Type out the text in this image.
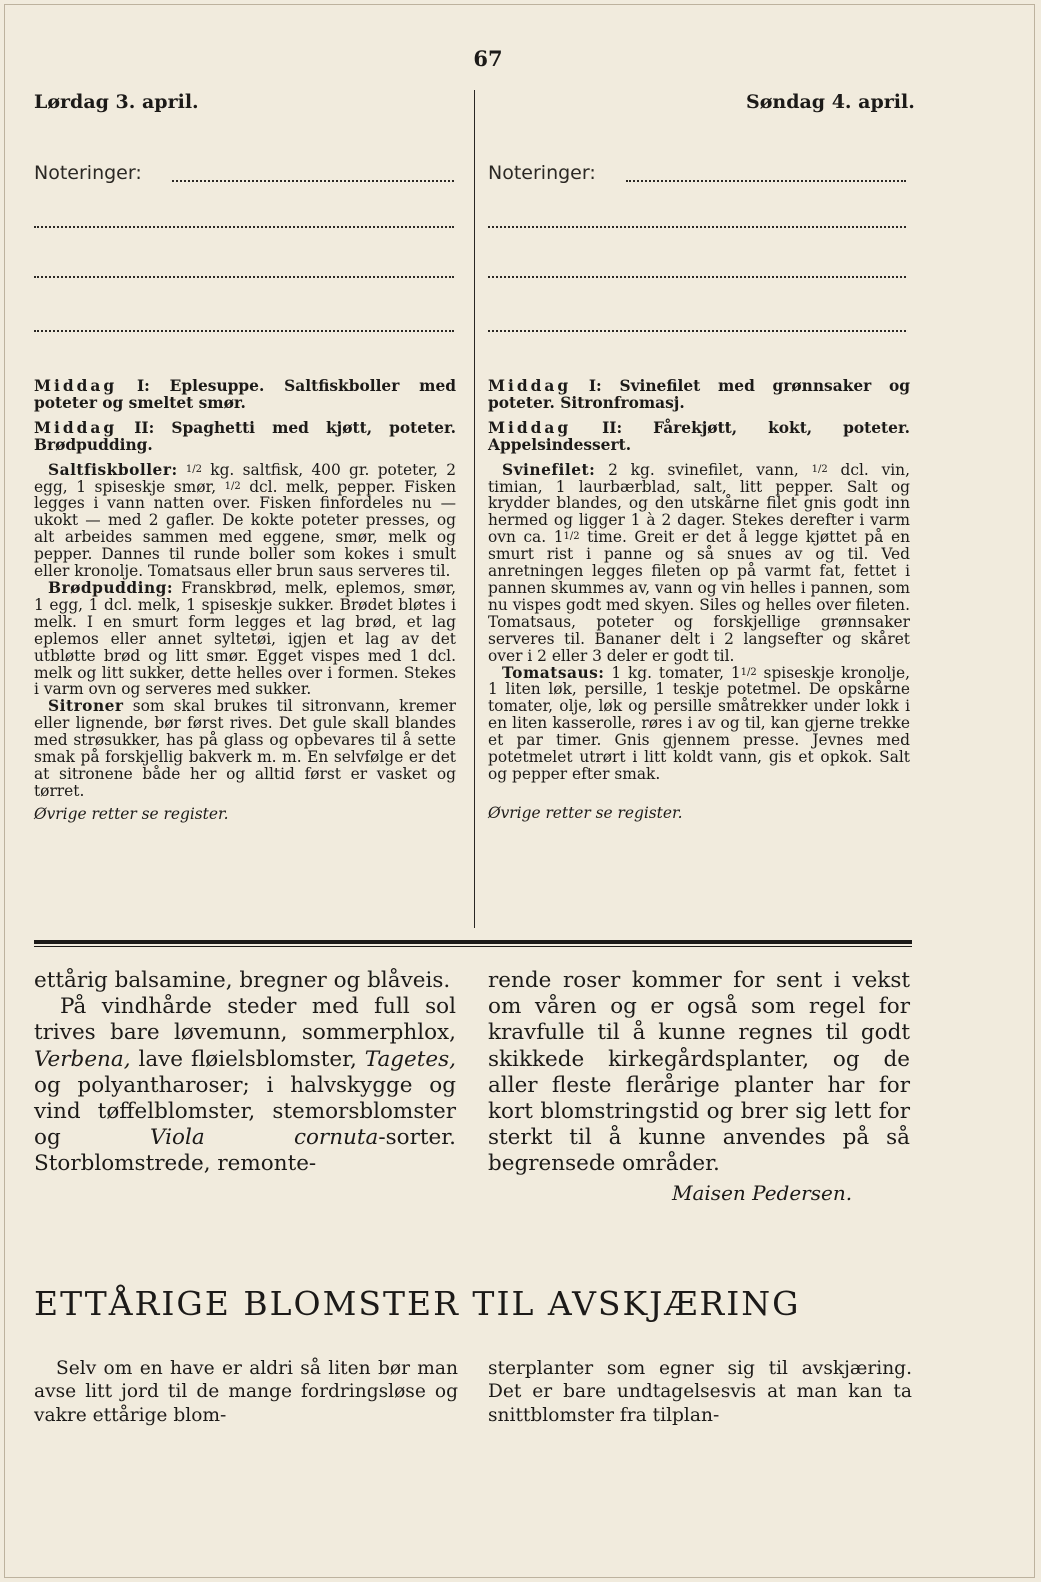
67
Lørdag 3. april.	Søndag 4. april.
Noteringer:	Noteringer:

Middag I: Eplesuppe. Saltfiskboller med poteter og smeltet smør.

Middag II: Spaghetti med kjøtt, poteter. Brødpudding.

Saltfiskboller: 1/2 kg. saltfisk, 400 gr. poteter, 2 egg, 1 spiseskje smør, 1/2 dcl. melk, pepper. Fisken legges i vann natten over. Fisken finfordeles nu — ukokt — med 2 gafler. De kokte poteter presses, og alt arbeides sammen med eggene, smør, melk og pepper. Dannes til runde boller som kokes i smult eller kronolje. Tomatsaus eller brun saus serveres til.

Brødpudding: Franskbrød, melk, eplemos, smør, 1 egg, 1 dcl. melk, 1 spiseskje sukker. Brødet bløtes i melk. I en smurt form legges et lag brød, et lag eplemos eller annet syltetøi, igjen et lag av det utbløtte brød og litt smør. Egget vispes med 1 dcl. melk og litt sukker, dette helles over i formen. Stekes i varm ovn og serveres med sukker.

Sitroner som skal brukes til sitronvann, kremer eller lignende, bør først rives. Det gule skall blandes med strøsukker, has på glass og opbevares til å sette smak på forskjellig bakverk m. m. En selvfølge er det at sitronene både her og alltid først er vasket og tørret.

Øvrige retter se register.

Middag I: Svinefilet med grønnsaker og poteter. Sitronfromasj.

Middag II: Fårekjøtt, kokt, poteter. Appelsindessert.

Svinefilet: 2 kg. svinefilet, vann, 1/2 dcl. vin, timian, 1 laurbærblad, salt, litt pepper. Salt og krydder blandes, og den utskårne filet gnis godt inn hermed og ligger 1 à 2 dager. Stekes derefter i varm ovn ca. 11/2 time. Greit er det å legge kjøttet på en smurt rist i panne og så snues av og til. Ved anretningen legges fileten op på varmt fat, fettet i pannen skummes av, vann og vin helles i pannen, som nu vispes godt med skyen. Siles og helles over fileten. Tomatsaus, poteter og forskjellige grønnsaker serveres til. Bananer delt i 2 langsefter og skåret over i 2 eller 3 deler er godt til.

Tomatsaus: 1 kg. tomater, 11/2 spiseskje kronolje, 1 liten løk, persille, 1 teskje potetmel. De opskårne tomater, olje, løk og persille småtrekker under lokk i en liten kasserolle, røres i av og til, kan gjerne trekke et par timer. Gnis gjennem presse. Jevnes med potetmelet utrørt i litt koldt vann, gis et opkok. Salt og pepper efter smak.

Øvrige retter se register.

ettårig balsamine, bregner og blåveis.

På vindhårde steder med full sol trives bare løvemunn, sommerphlox, Verbena, lave fløielsblomster, Tagetes, og polyantharoser; i halvskygge og vind tøffelblomster, stemorsblomster og Viola cornuta-sorter. Storblomstrede, remonte-

rende roser kommer for sent i vekst om våren og er også som regel for kravfulle til å kunne regnes til godt skikkede kirkegårdsplanter, og de aller fleste flerårige planter har for kort blomstringstid og brer sig lett for sterkt til å kunne anvendes på så begrensede områder.

Maisen Pedersen.
ETTÅRIGE BLOMSTER TIL AVSKJÆRING

Selv om en have er aldri så liten bør man avse litt jord til de mange fordringsløse og vakre ettårige blom-

sterplanter som egner sig til avskjæring. Det er bare undtagelsesvis at man kan ta snittblomster fra tilplan-
